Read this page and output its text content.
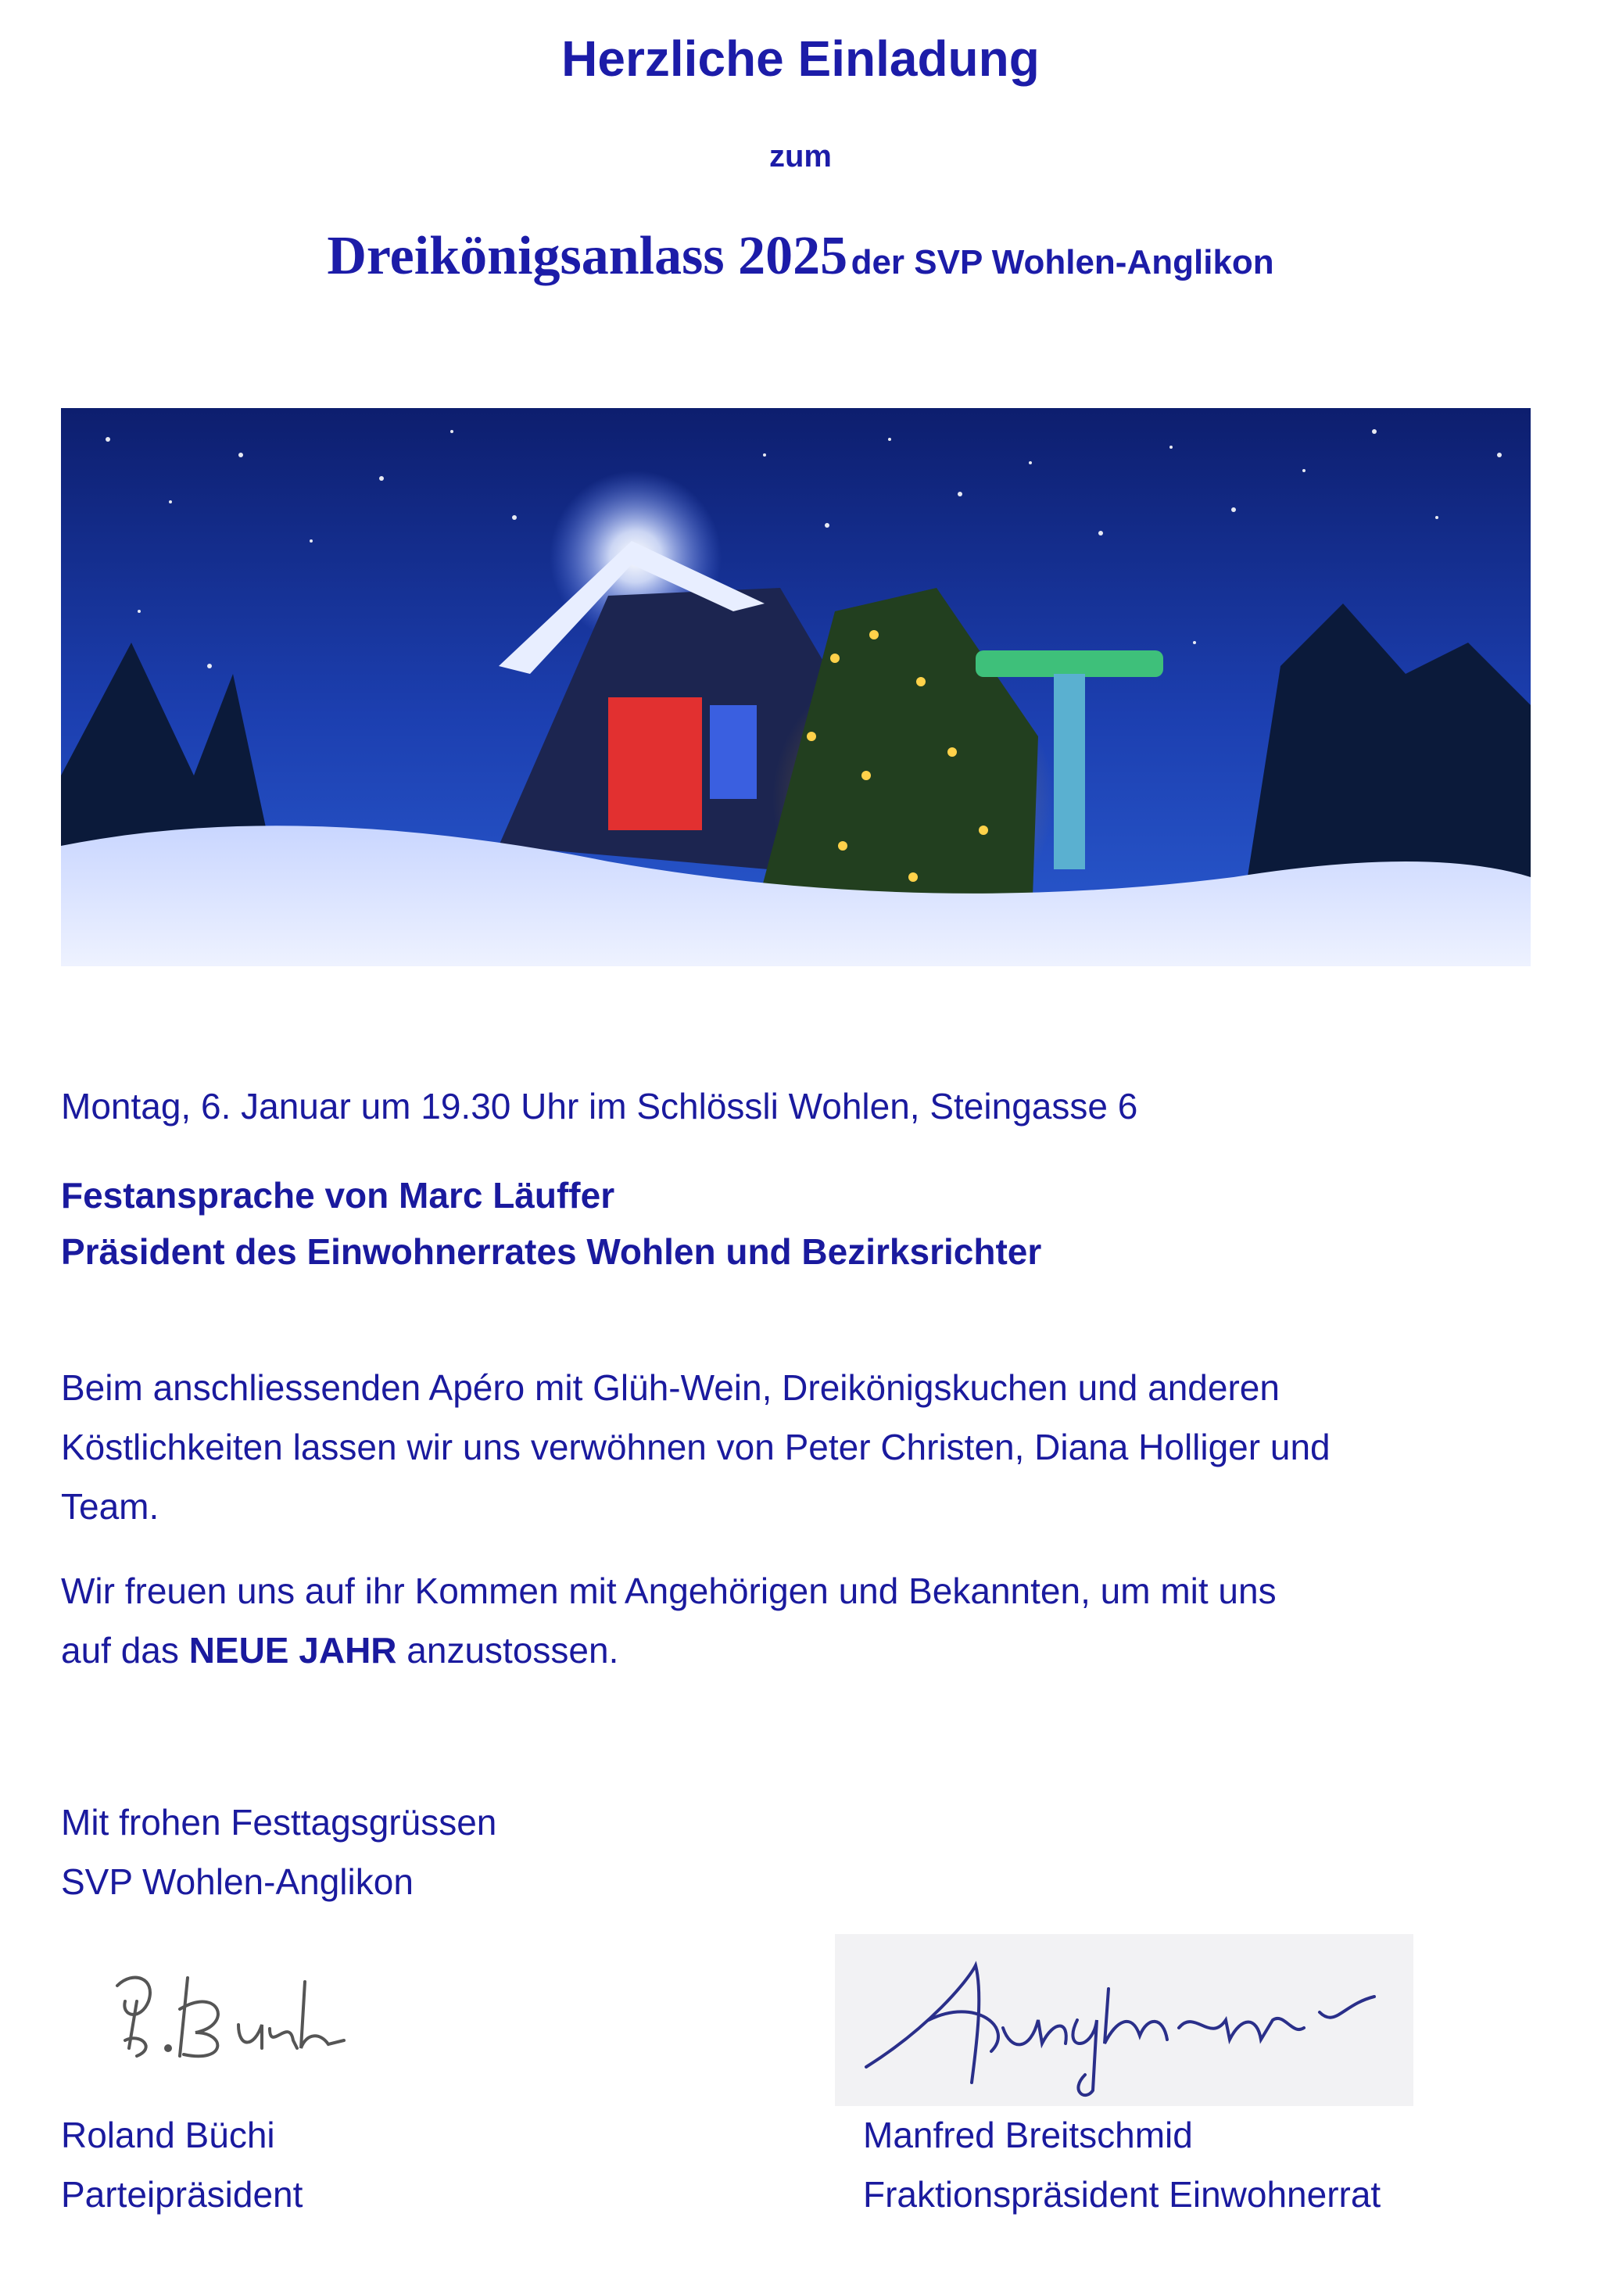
Herzliche Einladung
zum
Dreikönigsanlass 2025 der SVP Wohlen-Anglikon
Montag, 6. Januar um 19.30 Uhr im Schlössli Wohlen, Steingasse 6
Festansprache von Marc Läuffer
Präsident des Einwohnerrates Wohlen und Bezirksrichter
Beim anschliessenden Apéro mit Glüh-Wein, Dreikönigskuchen und anderen
Köstlichkeiten lassen wir uns verwöhnen von Peter Christen, Diana Holliger und
Team.
Wir freuen uns auf ihr Kommen mit Angehörigen und Bekannten, um mit uns
auf das NEUE JAHR anzustossen.
Mit frohen Festtagsgrüssen
SVP Wohlen-Anglikon
Roland Büchi
Parteipräsident
Manfred Breitschmid
Fraktionspräsident Einwohnerrat
